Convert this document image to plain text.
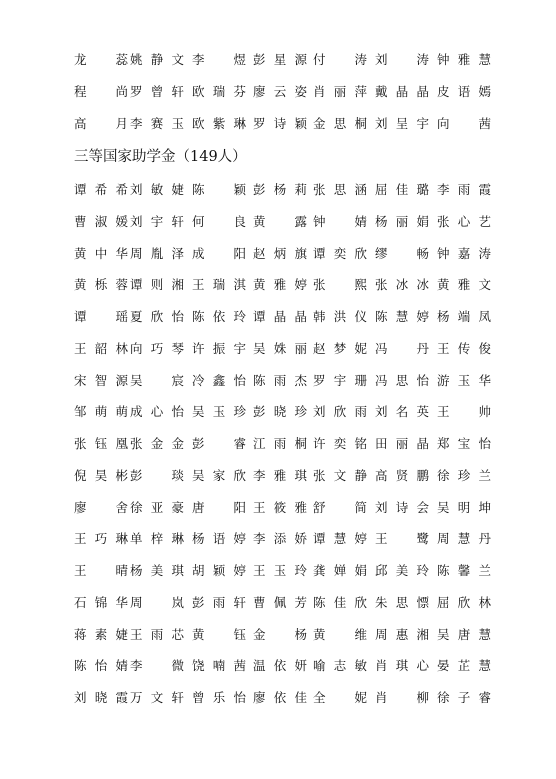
龙 蕊 姚 静 文 李 煜 彭 星 源 付 涛 刘 涛 钟 雅 慧
程 尚 罗 曾 轩 欧 瑞 芬 廖 云 姿 肖 丽 萍 戴 晶 晶 皮 语 嫣
高 月 李 赛 玉 欧 紫 琳 罗 诗 颖 金 思 桐 刘 呈 宇 向 茜
三等国家助学金（149人）
谭 希 希 刘 敏 婕 陈 颖 彭 杨 莉 张 思 涵 屈 佳 璐 李 雨 霞
曹 淑 媛 刘 宇 轩 何 良 黄 露 钟 婧 杨 丽 娟 张 心 艺
黄 中 华 周 胤 泽 成 阳 赵 炳 旗 谭 奕 欣 缪 畅 钟 嘉 涛
黄 栎 蓉 谭 则 湘 王 瑞 淇 黄 雅 婷 张 熙 张 冰 冰 黄 雅 文
谭 瑶 夏 欣 怡 陈 依 玲 谭 晶 晶 韩 洪 仪 陈 慧 婷 杨 端 凤
王 韶 林 向 巧 琴 许 振 宇 吴 姝 丽 赵 梦 妮 冯 丹 王 传 俊
宋 智 源 吴 宸 冷 鑫 怡 陈 雨 杰 罗 宇 珊 冯 思 怡 游 玉 华
邹 萌 萌 成 心 怡 吴 玉 珍 彭 晓 珍 刘 欣 雨 刘 名 英 王 帅
张 钰 凰 张 金 金 彭 睿 江 雨 桐 许 奕 铭 田 丽 晶 郑 宝 怡
倪 昊 彬 彭 琰 吴 家 欣 李 雅 琪 张 文 静 高 贤 鹏 徐 珍 兰
廖 舍 徐 亚 豪 唐 阳 王 筱 雅 舒 简 刘 诗 会 吴 明 坤
王 巧 琳 单 梓 琳 杨 语 婷 李 添 娇 谭 慧 婷 王 鹭 周 慧 丹
王 晴 杨 美 琪 胡 颖 婷 王 玉 玲 龚 婵 娟 邱 美 玲 陈 馨 兰
石 锦 华 周 岚 彭 雨 轩 曹 佩 芳 陈 佳 欣 朱 思 慓 屈 欣 林
蒋 素 婕 王 雨 芯 黄 钰 金 杨 黄 维 周 惠 湘 吴 唐 慧
陈 怡 婧 李 微 饶 喃 茜 温 依 妍 喻 志 敏 肖 琪 心 晏 芷 慧
刘 晓 霞 万 文 轩 曾 乐 怡 廖 依 佳 全 妮 肖 柳 徐 子 睿
